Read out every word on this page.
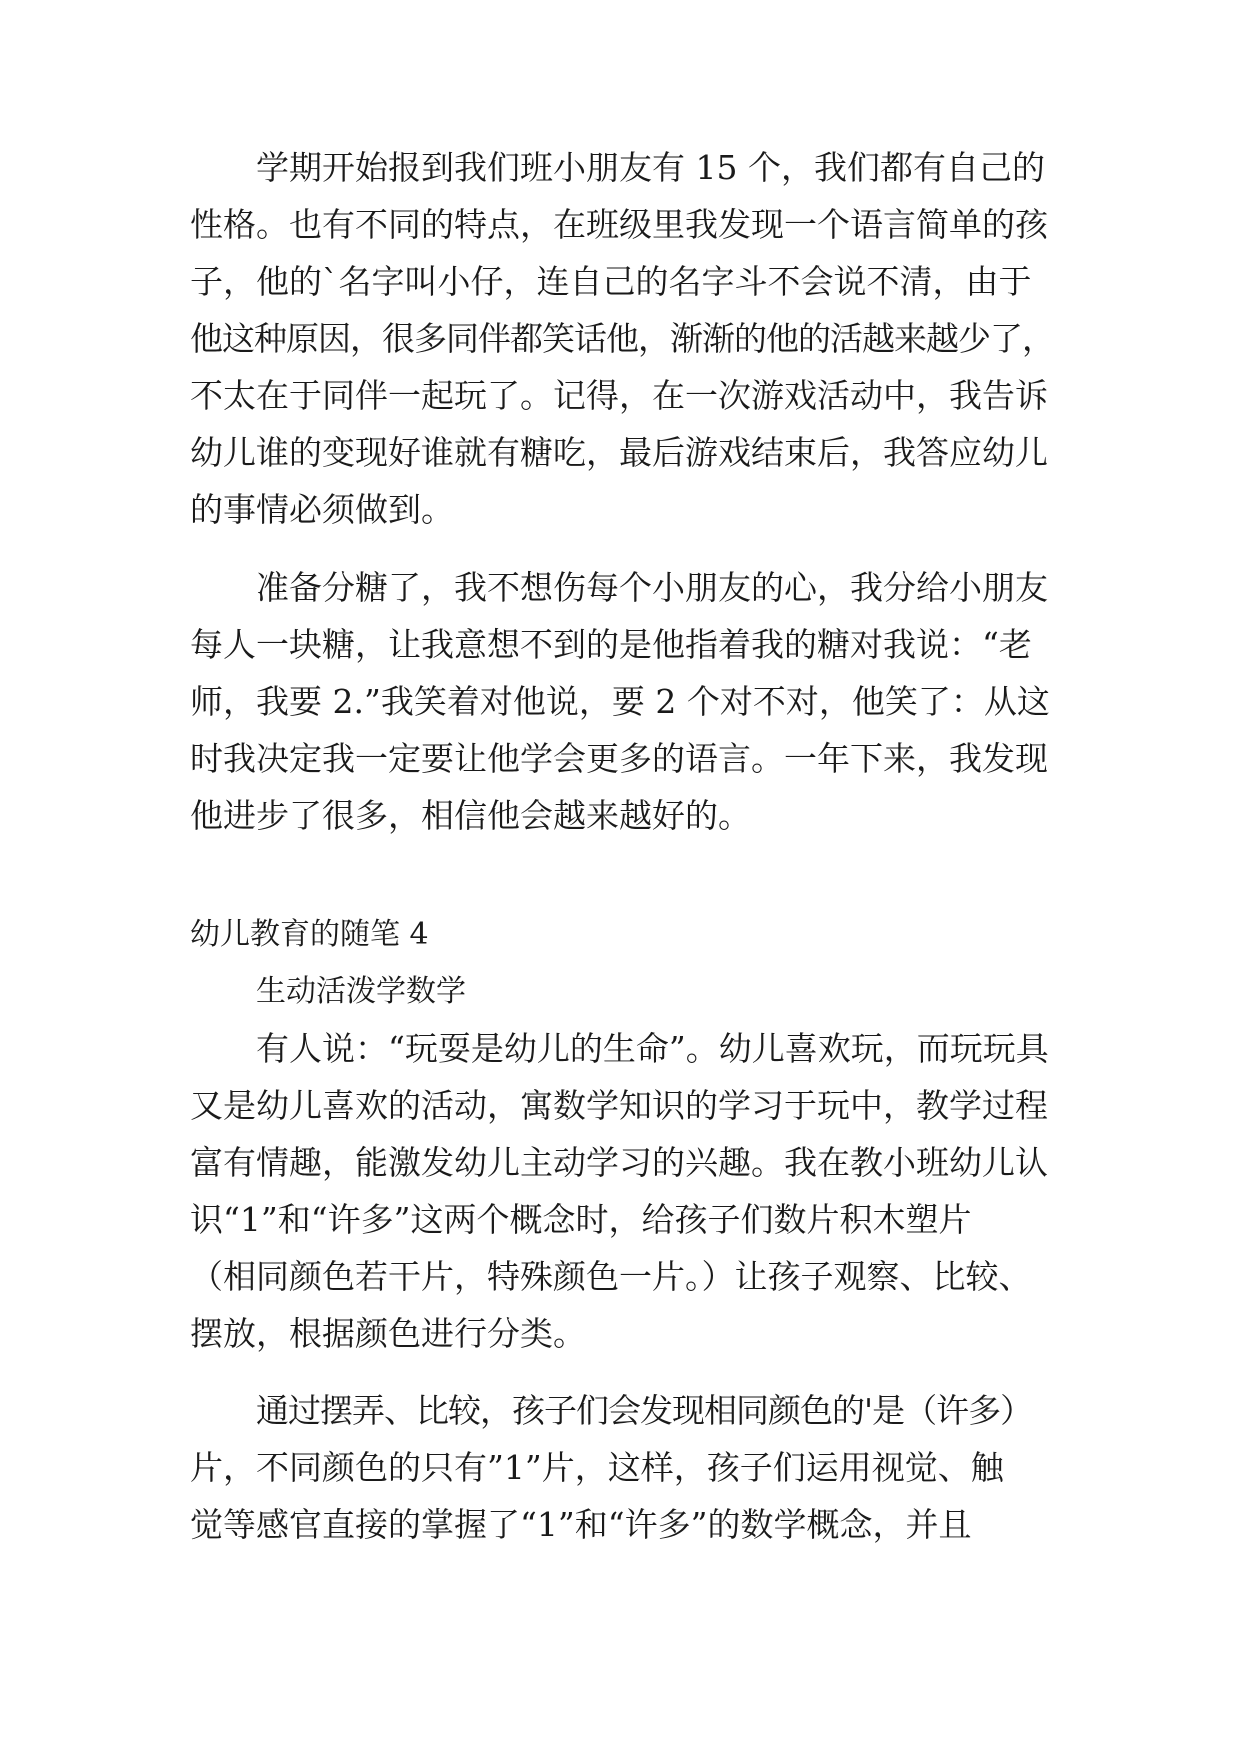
学期开始报到我们班小朋友有 15 个，我们都有自己的

性格。也有不同的特点，在班级里我发现一个语言简单的孩

子，他的`名字叫小仔，连自己的名字斗不会说不清，由于

他这种原因，很多同伴都笑话他，渐渐的他的活越来越少了，

不太在于同伴一起玩了。记得，在一次游戏活动中，我告诉

幼儿谁的变现好谁就有糖吃，最后游戏结束后，我答应幼儿

的事情必须做到。

准备分糖了，我不想伤每个小朋友的心，我分给小朋友

每人一块糖，让我意想不到的是他指着我的糖对我说：“老

师，我要 2.”我笑着对他说，要 2 个对不对，他笑了：从这

时我决定我一定要让他学会更多的语言。一年下来，我发现

他进步了很多，相信他会越来越好的。

幼儿教育的随笔 4

生动活泼学数学

有人说：“玩耍是幼儿的生命”。幼儿喜欢玩，而玩玩具

又是幼儿喜欢的活动，寓数学知识的学习于玩中，教学过程

富有情趣，能激发幼儿主动学习的兴趣。我在教小班幼儿认

识“1”和“许多”这两个概念时，给孩子们数片积木塑片

（相同颜色若干片，特殊颜色一片。）让孩子观察、比较、

摆放，根据颜色进行分类。

通过摆弄、比较，孩子们会发现相同颜色的'是（许多）

片，不同颜色的只有”1”片，这样，孩子们运用视觉、触

觉等感官直接的掌握了“1”和“许多”的数学概念，并且
